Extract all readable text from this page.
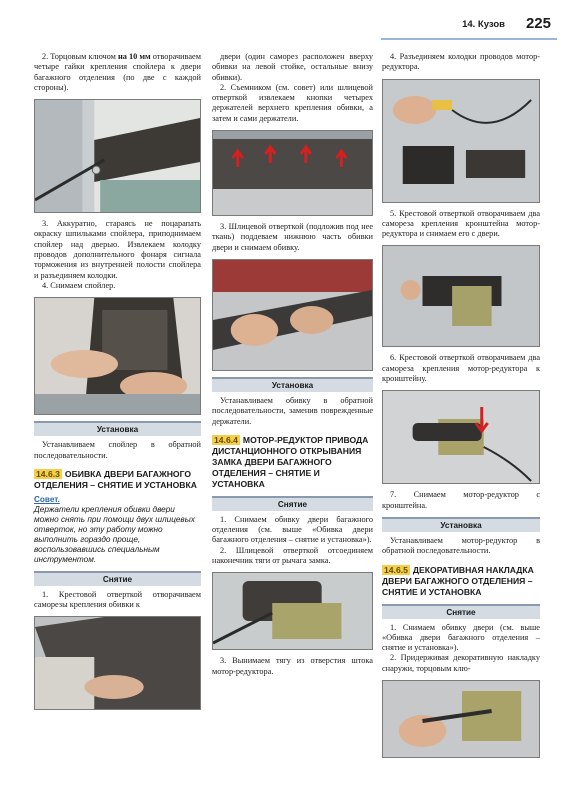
14. Кузов 225

2. Торцовым ключом на 10 мм отворачиваем четыре гайки крепления спойлера к двери багажного отделения (по две с каждой стороны).

3. Аккуратно, стараясь не поцарапать окраску шпильками спойлера, приподнимаем спойлер над дверью. Извлекаем колодку проводов дополнительного фонаря сигнала торможения из внутренней полости спойлера и разъединяем колодки.

4. Снимаем спойлер.

Установка

Устанавливаем спойлер в обратной последовательности.

14.6.3 ОБИВКА ДВЕРИ БАГАЖНОГО ОТДЕЛЕНИЯ – СНЯТИЕ И УСТАНОВКА
Совет.
Держатели крепления обивки двери можно снять при помощи двух шлицевых отверток, но эту работу можно выполнить гораздо проще, воспользовавшись специальным инструментом.
Снятие

1. Крестовой отверткой отворачиваем саморезы крепления обивки к

двери (один саморез расположен вверху обивки на левой стойке, остальные внизу обивки).

2. Съемником (см. совет) или шлицевой отверткой извлекаем кнопки четырех держателей верхнего крепления обивки, а затем и сами держатели.

3. Шлицевой отверткой (подложив под нее ткань) поддеваем нижнюю часть обивки двери и снимаем обивку.

Установка

Устанавливаем обивку в обратной последовательности, заменив поврежденные держатели.

14.6.4 МОТОР-РЕДУКТОР ПРИВОДА ДИСТАНЦИОННОГО ОТКРЫВАНИЯ ЗАМКА ДВЕРИ БАГАЖНОГО ОТДЕЛЕНИЯ – СНЯТИЕ И УСТАНОВКА
Снятие

1. Снимаем обивку двери багажного отделения (см. выше «Обивка двери багажного отделения – снятие и установка»).

2. Шлицевой отверткой отсоединяем наконечник тяги от рычага замка.

3. Вынимаем тягу из отверстия штока мотор-редуктора.

4. Разъединяем колодки проводов мотор-редуктора.

5. Крестовой отверткой отворачиваем два самореза крепления кронштейна мотор-редуктора и снимаем его с двери.

6. Крестовой отверткой отворачиваем два самореза крепления мотор-редуктора к кронштейну.

7. Снимаем мотор-редуктор с кронштейна.

Установка

Устанавливаем мотор-редуктор в обратной последовательности.

14.6.5 ДЕКОРАТИВНАЯ НАКЛАДКА ДВЕРИ БАГАЖНОГО ОТДЕЛЕНИЯ – СНЯТИЕ И УСТАНОВКА
Снятие

1. Снимаем обивку двери (см. выше «Обивка двери багажного отделения – снятие и установка»).

2. Придерживая декоративную накладку снаружи, торцовым клю-
